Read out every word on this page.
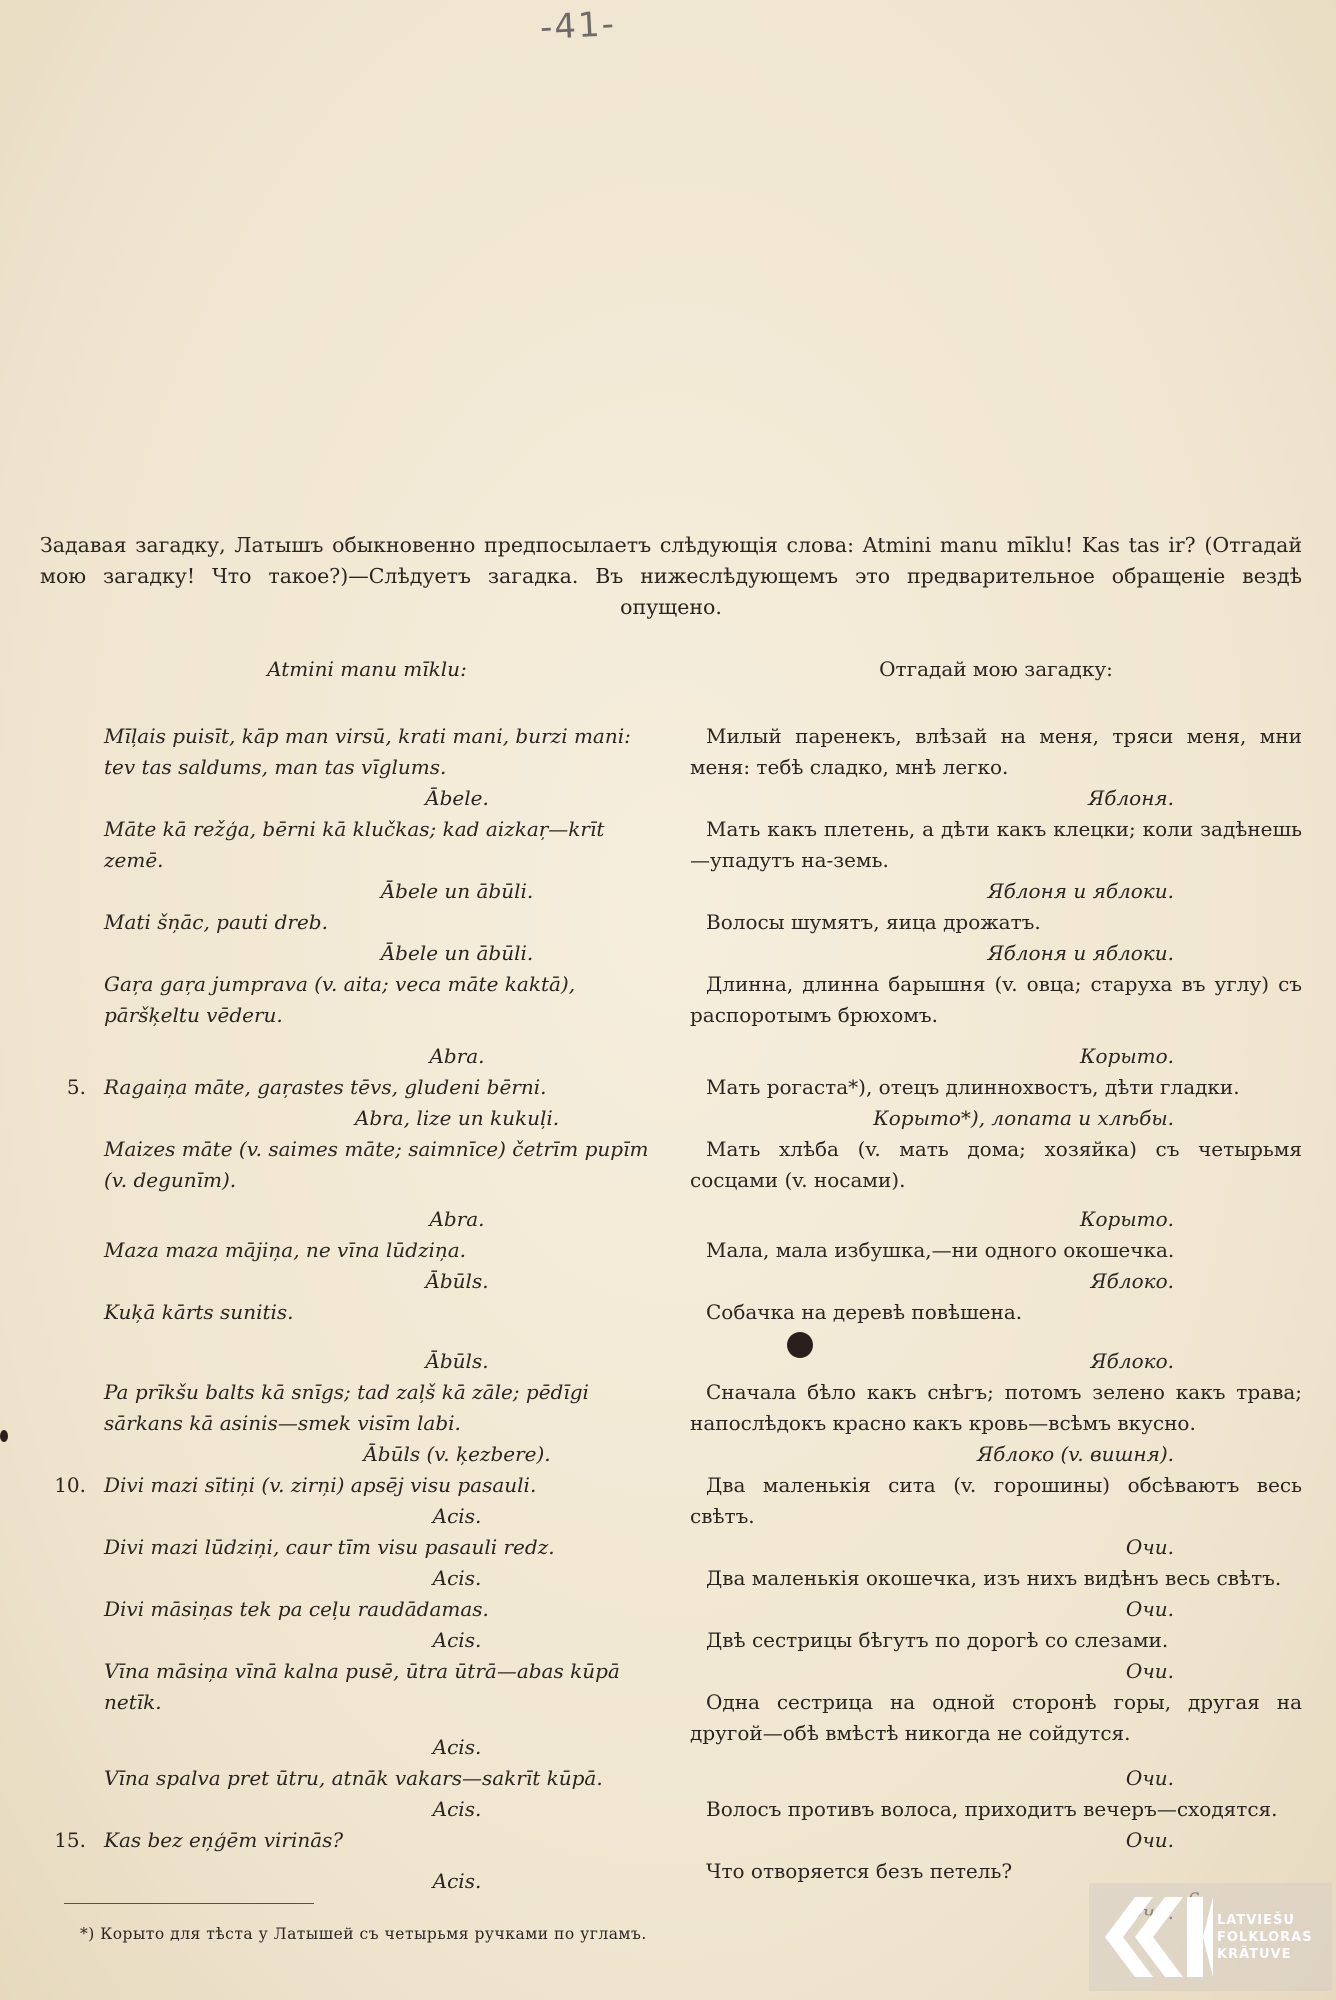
-41-
Задавая загадку, Латышъ обыкновенно предпосылаетъ слѣдующія слова: Atmini manu mīklu! Kas tas ir? (Отгадай мою загадку! Что такое?)—Слѣдуетъ загадка. Въ нижеслѣдующемъ это предварительное обращеніе вездѣ опущено.
Atmini manu mīklu:
Mīļais puisīt, kāp man virsū, krati mani, burzi mani: tev tas saldums, man tas vīglums.
Ābele.
Māte kā režģa, bērni kā klučkas; kad aizkaŗ—krīt zemē.
Ābele un ābūli.
Mati šņāc, pauti dreb.
Ābele un ābūli.
Gaŗa gaŗa jumprava (v. aita; veca māte kaktā), pāršķeltu vēderu.
Abra.
5. Ragaiņa māte, gaŗastes tēvs, gludeni bērni.
Abra, lize un kukuļi.
Maizes māte (v. saimes māte; saimnīce) četrīm pupīm (v. degunīm).
Abra.
Maza maza mājiņa, ne vīna lūdziņa.
Ābūls.
Kuķā kārts sunitis.
Ābūls.
Pa prīkšu balts kā snīgs; tad zaļš kā zāle; pēdīgi sārkans kā asinis—smek visīm labi.
Ābūls (v. ķezbere).
10. Divi mazi sītiņi (v. zirņi) apsēj visu pasauli.
Acis.
Divi mazi lūdziņi, caur tīm visu pasauli redz.
Acis.
Divi māsiņas tek pa ceļu raudādamas.
Acis.
Vīna māsiņa vīnā kalna pusē, ūtra ūtrā—abas kūpā netīk.
Acis.
Vīna spalva pret ūtru, atnāk vakars—sakrīt kūpā.
Acis.
15. Kas bez eņģēm virinās?
Acis.
Отгадай мою загадку:
Милый паренекъ, влѣзай на меня, тряси меня, мни меня: тебѣ сладко, мнѣ легко.
Яблоня.
Мать какъ плетень, а дѣти какъ клецки; коли задѣнешь—упадутъ на-земь.
Яблоня и яблоки.
Волосы шумятъ, яица дрожатъ.
Яблоня и яблоки.
Длинна, длинна барышня (v. овца; старуха въ углу) съ распоротымъ брюхомъ.
Корыто.
Мать рогаста*), отецъ длиннохвостъ, дѣти гладки.
Корыто*), лопата и хлѣбы.
Мать хлѣба (v. мать дома; хозяйка) съ четырьмя сосцами (v. носами).
Корыто.
Мала, мала избушка,—ни одного окошечка.
Яблоко.
Собачка на деревѣ повѣшена.
Яблоко.
Сначала бѣло какъ снѣгъ; потомъ зелено какъ трава; напослѣдокъ красно какъ кровь—всѣмъ вкусно.
Яблоко (v. вишня).
Два маленькія сита (v. горошины) обсѣваютъ весь свѣтъ.
Очи.
Два маленькія окошечка, изъ нихъ видѣнъ весь свѣтъ.
Очи.
Двѣ сестрицы бѣгутъ по дорогѣ со слезами.
Очи.
Одна сестрица на одной сторонѣ горы, другая на другой—обѣ вмѣстѣ никогда не сойдутся.
Очи.
Волосъ противъ волоса, приходитъ вечеръ—сходятся.
Очи.
Что отворяется безъ петель?
*) Корыто для тѣста у Латышей съ четырьмя ручками по угламъ.
LATVIEŠU
FOLKLORAS
KRĀTUVE
